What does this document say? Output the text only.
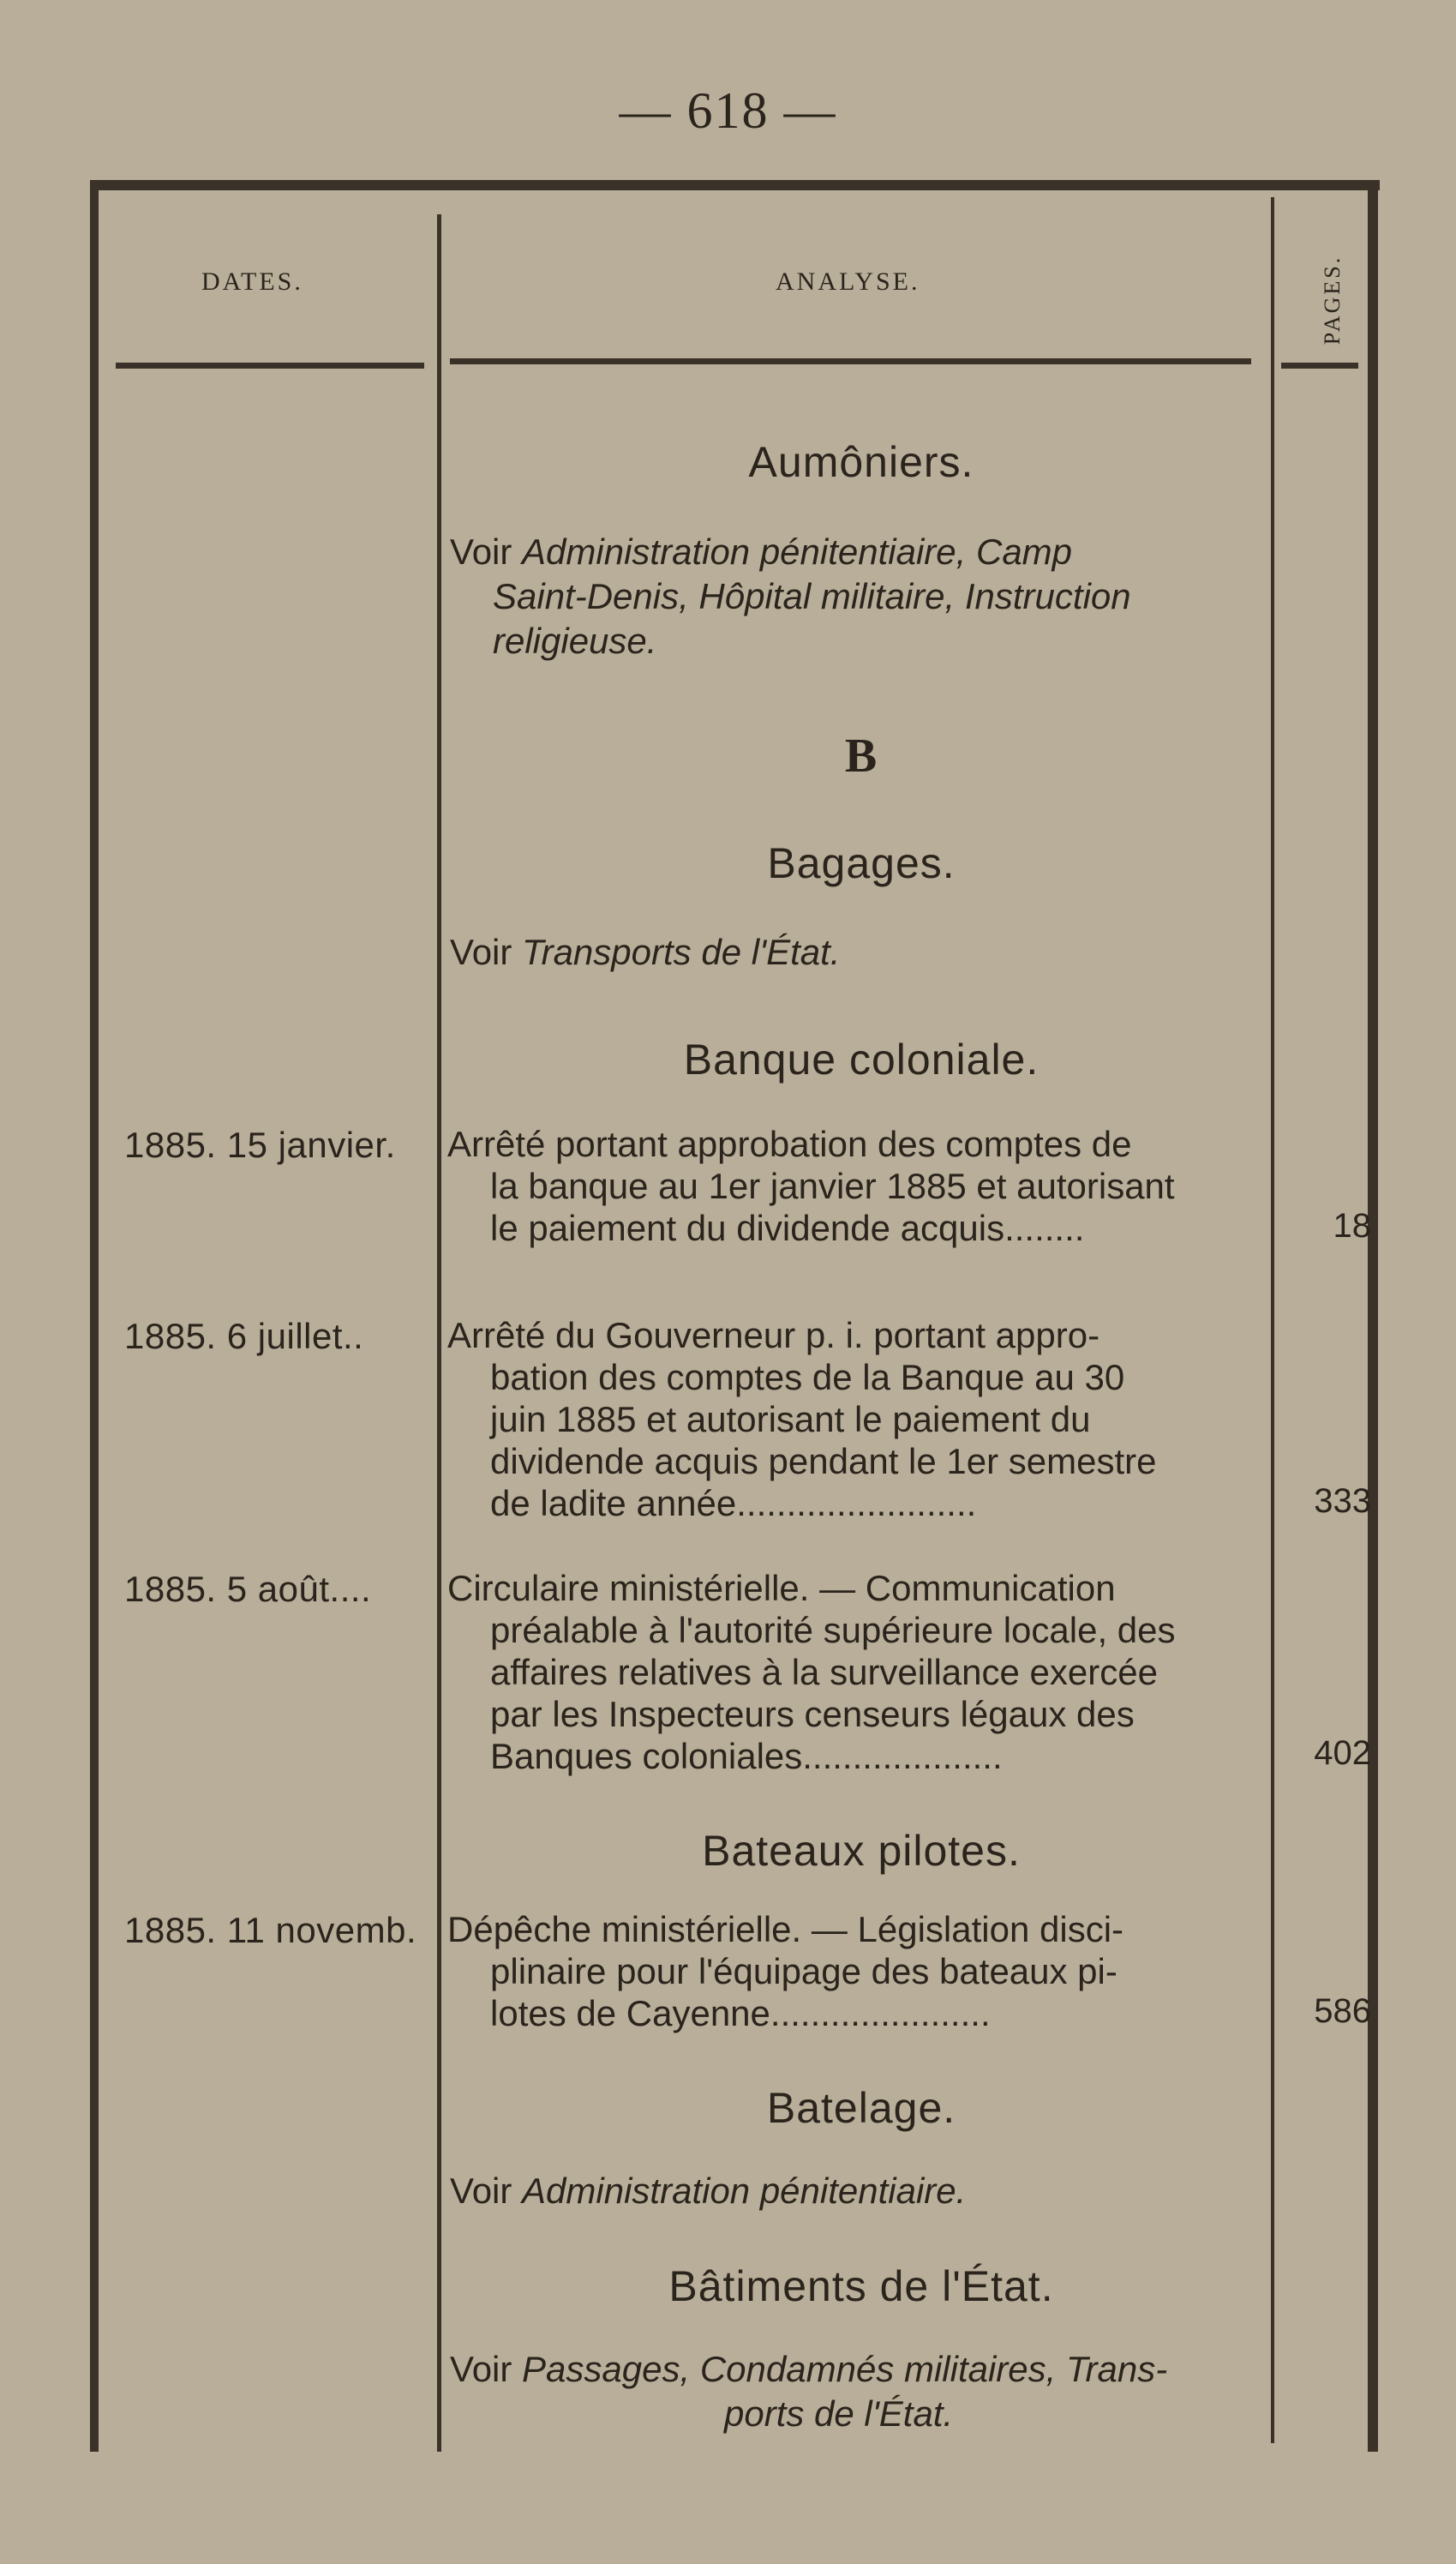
— 618 —
DATES.	ANALYSE.	PAGES.
Aumôniers.
Voir Administration pénitentiaire, Camp
Saint-Denis, Hôpital militaire, Instruction
religieuse.
B
Bagages.
Voir Transports de l'État.
Banque coloniale.
1885. 15 janvier.	Arrêté portant approbation des comptes de
la banque au 1er janvier 1885 et autorisant
le paiement du dividende acquis........	18
1885. 6 juillet..	Arrêté du Gouverneur p. i. portant appro-
bation des comptes de la Banque au 30
juin 1885 et autorisant le paiement du
dividende acquis pendant le 1er semestre
de ladite année........................	333
1885. 5 août....	Circulaire ministérielle. — Communication
préalable à l'autorité supérieure locale, des
affaires relatives à la surveillance exercée
par les Inspecteurs censeurs légaux des
Banques coloniales....................	402
Bateaux pilotes.
1885. 11 novemb. Dépêche ministérielle. — Législation disci-
plinaire pour l'équipage des bateaux pi-
lotes de Cayenne......................	586
Batelage.
Voir Administration pénitentiaire.
Bâtiments de l'État.
Voir Passages, Condamnés militaires, Trans-
ports de l'État.
